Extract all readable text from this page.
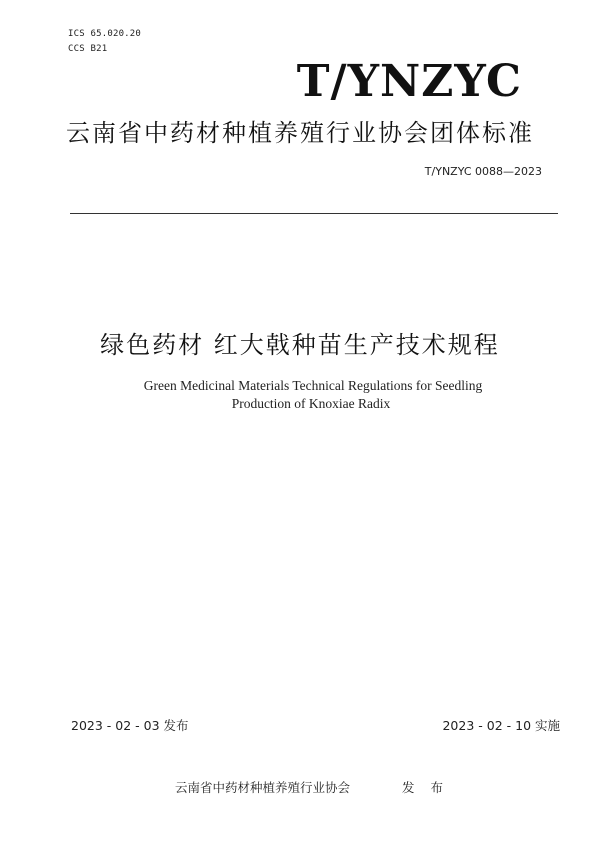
ICS 65.020.20
CCS B21
T/YNZYC
云南省中药材种植养殖行业协会团体标准
T/YNZYC 0088—2023
绿色药材 红大戟种苗生产技术规程
Green Medicinal Materials Technical Regulations for Seedling
Production of Knoxiae Radix
2023 - 02 - 03 发布	2023 - 02 - 10 实施
云南省中药材种植养殖行业协会	发 布
